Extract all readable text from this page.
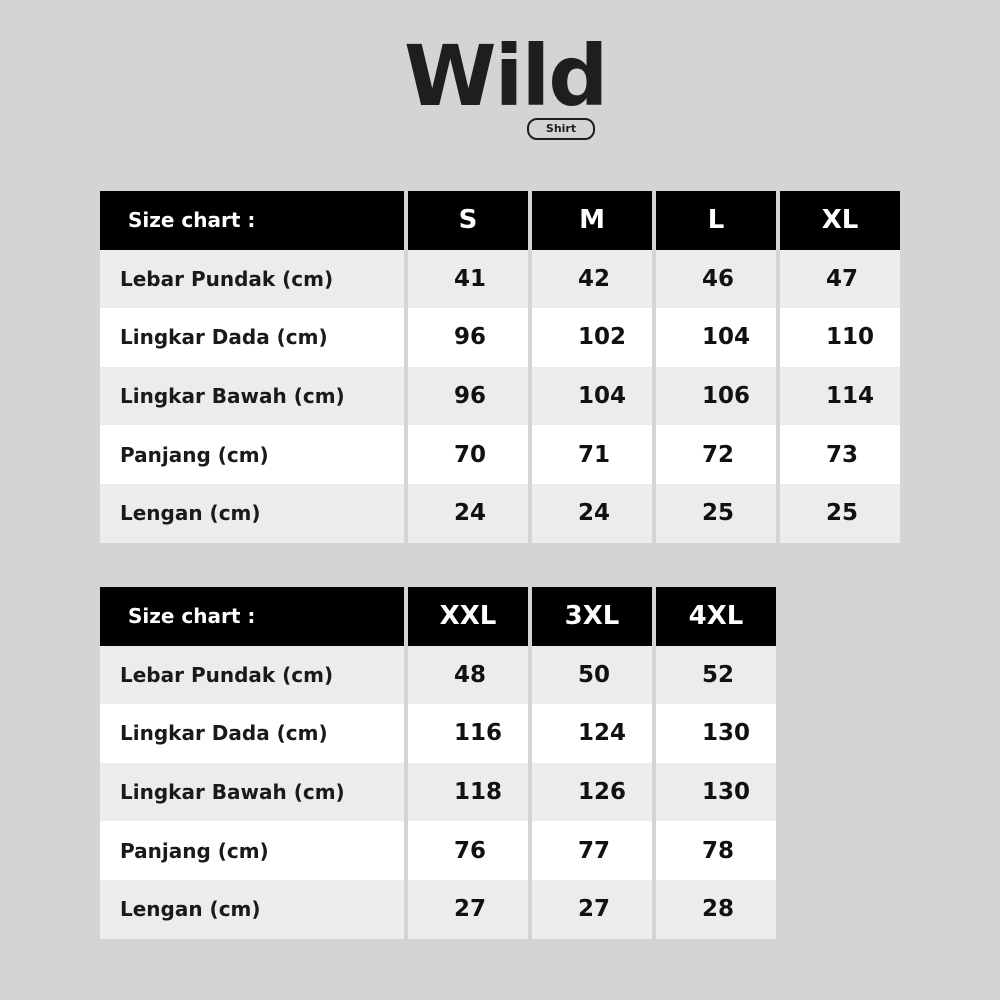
Wild
Shirt
Size chart :	S	M	L	XL
Lebar Pundak (cm)	41	42	46	47
Lingkar Dada (cm)	96	102	104	110
Lingkar Bawah (cm)	96	104	106	114
Panjang (cm)	70	71	72	73
Lengan (cm)	24	24	25	25
Size chart :	XXL	3XL	4XL
Lebar Pundak (cm)	48	50	52
Lingkar Dada (cm)	116	124	130
Lingkar Bawah (cm)	118	126	130
Panjang (cm)	76	77	78
Lengan (cm)	27	27	28
